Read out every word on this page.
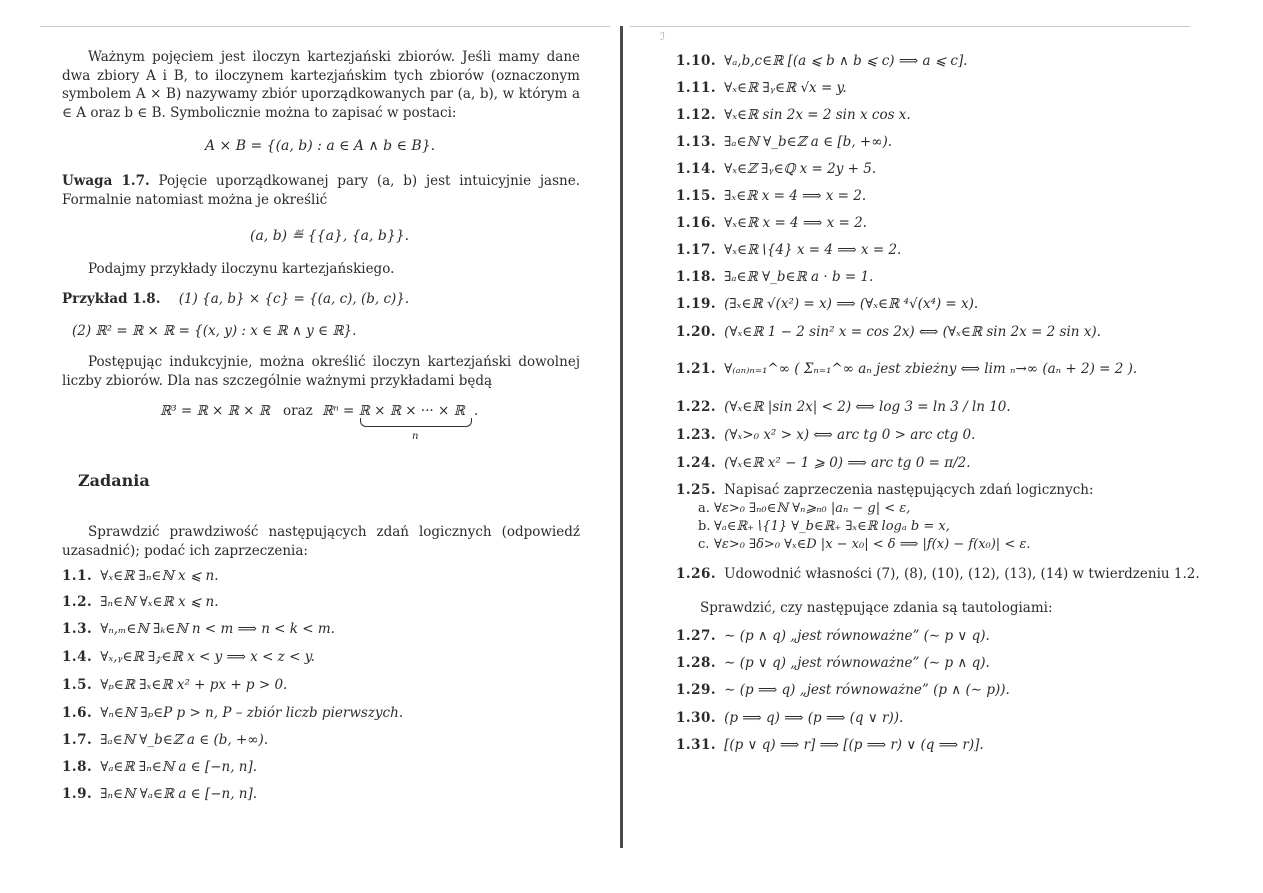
Ważnym pojęciem jest iloczyn kartezjański zbiorów. Jeśli mamy dane dwa zbiory A i B, to iloczynem kartezjańskim tych zbiorów (oznaczonym symbolem A × B) nazywamy zbiór uporządkowanych par (a, b), w którym a ∈ A oraz b ∈ B. Symbolicznie można to zapisać w postaci:
A × B = {(a, b) : a ∈ A ∧ b ∈ B}.
Uwaga 1.7. Pojęcie uporządkowanej pary (a, b) jest intuicyjnie jasne. Formalnie natomiast można je określić
(a, b) ≝ {{a}, {a, b}}.
Podajmy przykłady iloczynu kartezjańskiego.
Przykład 1.8. (1) {a, b} × {c} = {(a, c), (b, c)}.
(2) ℝ² = ℝ × ℝ = {(x, y) : x ∈ ℝ ∧ y ∈ ℝ}.
Postępując indukcyjnie, można określić iloczyn kartezjański dowolnej liczby zbiorów. Dla nas szczególnie ważnymi przykładami będą
ℝ³ = ℝ × ℝ × ℝ oraz ℝⁿ = ℝ × ℝ × ··· × ℝ .
n
Zadania
Sprawdzić prawdziwość następujących zdań logicznych (odpowiedź uzasadnić); podać ich zaprzeczenia:
1.1. ∀ₓ∈ℝ ∃ₙ∈ℕ x ⩽ n.
1.2. ∃ₙ∈ℕ ∀ₓ∈ℝ x ⩽ n.
1.3. ∀ₙ,ₘ∈ℕ ∃ₖ∈ℕ n < m ⟹ n < k < m.
1.4. ∀ₓ,ᵧ∈ℝ ∃𝓏∈ℝ x < y ⟹ x < z < y.
1.5. ∀ₚ∈ℝ ∃ₓ∈ℝ x² + px + p > 0.
1.6. ∀ₙ∈ℕ ∃ₚ∈P p > n, P – zbiór liczb pierwszych.
1.7. ∃ₐ∈ℕ ∀_b∈ℤ a ∈ (b, +∞).
1.8. ∀ₐ∈ℝ ∃ₙ∈ℕ a ∈ [−n, n].
1.9. ∃ₙ∈ℕ ∀ₐ∈ℝ a ∈ [−n, n].
ℐ
1.10. ∀ₐ,b,c∈ℝ [(a ⩽ b ∧ b ⩽ c) ⟹ a ⩽ c].
1.11. ∀ₓ∈ℝ ∃ᵧ∈ℝ √x = y.
1.12. ∀ₓ∈ℝ sin 2x = 2 sin x cos x.
1.13. ∃ₐ∈ℕ ∀_b∈ℤ a ∈ [b, +∞).
1.14. ∀ₓ∈ℤ ∃ᵧ∈ℚ x = 2y + 5.
1.15. ∃ₓ∈ℝ x = 4 ⟹ x = 2.
1.16. ∀ₓ∈ℝ x = 4 ⟹ x = 2.
1.17. ∀ₓ∈ℝ∖{4} x = 4 ⟹ x = 2.
1.18. ∃ₐ∈ℝ ∀_b∈ℝ a · b = 1.
1.19. (∃ₓ∈ℝ √(x²) = x) ⟹ (∀ₓ∈ℝ ⁴√(x⁴) = x).
1.20. (∀ₓ∈ℝ 1 − 2 sin² x = cos 2x) ⟺ (∀ₓ∈ℝ sin 2x = 2 sin x).
1.21. ∀₍ₐₙ₎ₙ₌₁^∞ ( Σₙ₌₁^∞ aₙ jest zbieżny ⟺ lim ₙ→∞ (aₙ + 2) = 2 ).
1.22. (∀ₓ∈ℝ |sin 2x| < 2) ⟺ log 3 = ln 3 / ln 10.
1.23. (∀ₓ>₀ x² > x) ⟺ arc tg 0 > arc ctg 0.
1.24. (∀ₓ∈ℝ x² − 1 ⩾ 0) ⟹ arc tg 0 = π/2.
1.25. Napisać zaprzeczenia następujących zdań logicznych:
a. ∀ε>₀ ∃ₙ₀∈ℕ ∀ₙ⩾ₙ₀ |aₙ − g| < ε,
b. ∀ₐ∈ℝ₊∖{1} ∀_b∈ℝ₊ ∃ₓ∈ℝ logₐ b = x,
c. ∀ε>₀ ∃δ>₀ ∀ₓ∈D |x − x₀| < δ ⟹ |f(x) − f(x₀)| < ε.
1.26. Udowodnić własności (7), (8), (10), (12), (13), (14) w twierdzeniu 1.2.
Sprawdzić, czy następujące zdania są tautologiami:
1.27. ∼ (p ∧ q) „jest równoważne” (∼ p ∨ q).
1.28. ∼ (p ∨ q) „jest równoważne” (∼ p ∧ q).
1.29. ∼ (p ⟹ q) „jest równoważne” (p ∧ (∼ p)).
1.30. (p ⟹ q) ⟹ (p ⟹ (q ∨ r)).
1.31. [(p ∨ q) ⟹ r] ⟹ [(p ⟹ r) ∨ (q ⟹ r)].
